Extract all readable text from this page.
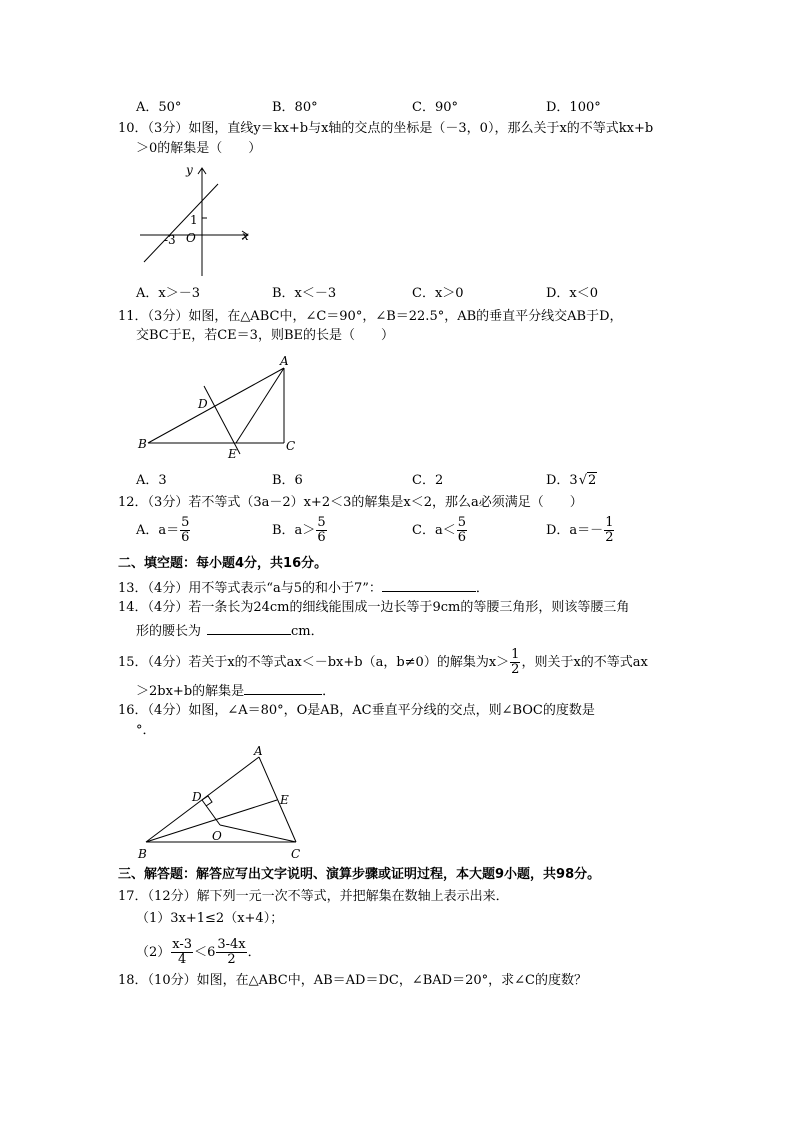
A．50°	B．80°	C．90°	D．100°
10．（3分）如图，直线y＝kx+b与x轴的交点的坐标是（－3，0），那么关于x的不等式kx+b
＞0的解集是（　　）
y
x
O
1
-3
A．x＞－3	B．x＜－3	C．x＞0	D．x＜0
11．（3分）如图，在△ABC中，∠C＝90°，∠B＝22.5°，AB的垂直平分线交AB于D，
交BC于E，若CE＝3，则BE的长是（　　）
A
B	C
D
E
A．3	B．6	C．2	D．3√2
12．（3分）若不等式（3a－2）x+2＜3的解集是x＜2，那么a必须满足（　　）
A．$a= \frac{5}{6}$	B．$a> \frac{5}{6}$	C．$a< \frac{5}{6}$	D．$a=- \frac{1}{2}$
二、填空题：每小题4分，共16分。
13．（4分）用不等式表示“a与5的和小于7”：	．
14．（4分）若一条长为24cm的细线能围成一边长等于9cm的等腰三角形，则该等腰三角
形的腰长为	cm．
15．（4分）若关于x的不等式ax＜－bx+b（a，b≠0）的解集为$x> \frac{1}{2}$ ，则关于x的不等式ax
＞2bx+b的解集是	．
16．（4分）如图，∠A＝80°，O是AB，AC垂直平分线的交点，则∠BOC的度数是
°．
A
B	C
D	E
O
三、解答题：解答应写出文字说明、演算步骤或证明过程，本大题9小题，共98分。
17．（12分）解下列一元一次不等式，并把解集在数轴上表示出来．
（1）3x+1≤2（x+4）；
$(2) \frac{x-3}{4} <6 \frac{3-4x}{2}$ ．
18．（10分）如图，在△ABC中，AB＝AD＝DC，∠BAD＝20°，求∠C的度数？
